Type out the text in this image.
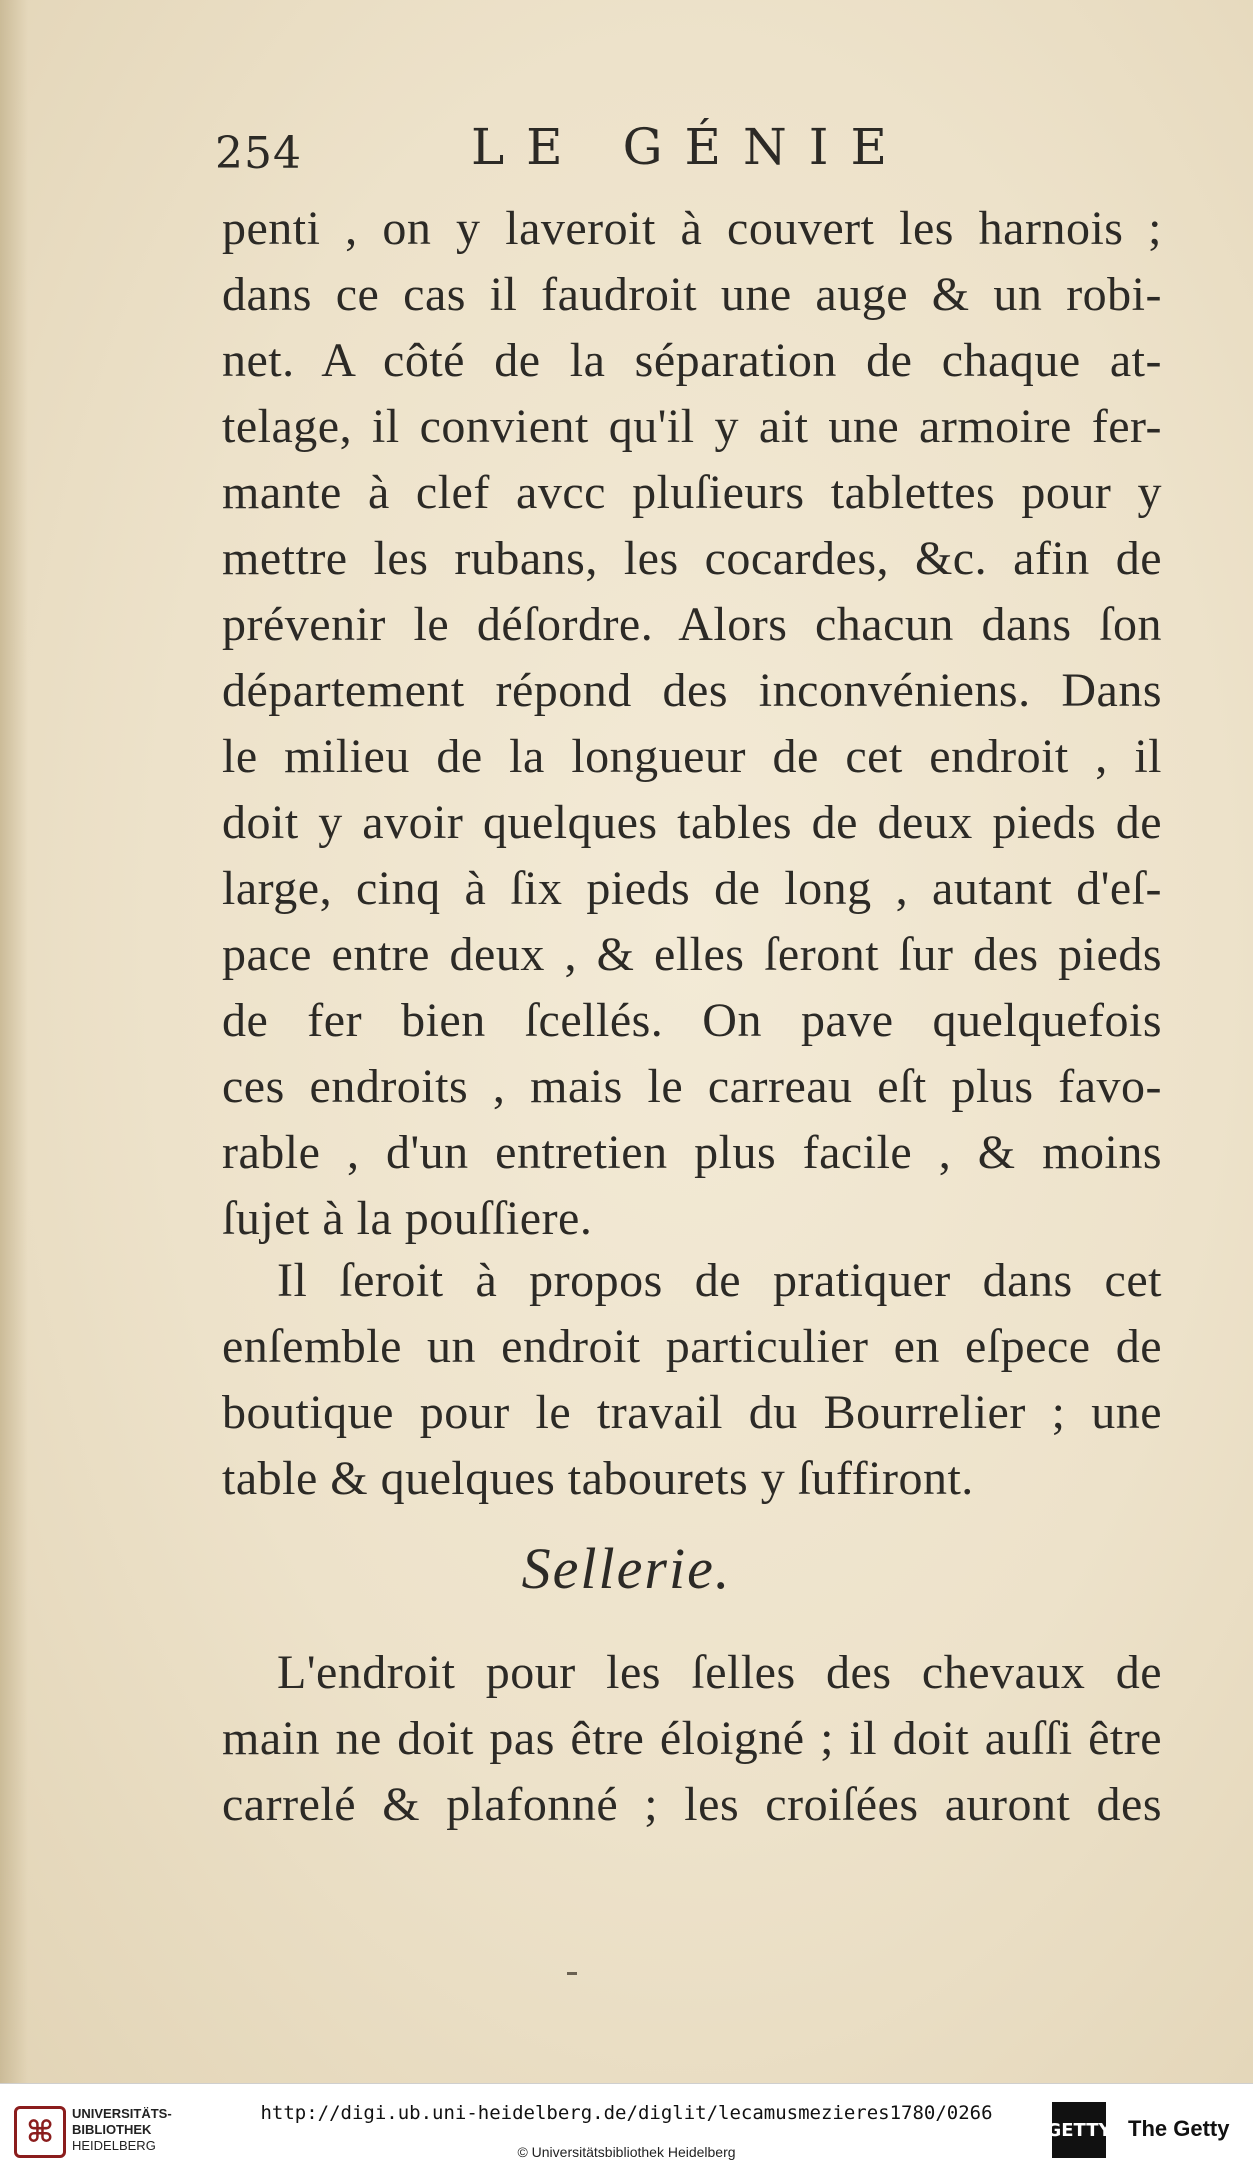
254	LE GÉNIE
penti , on y laveroit à couvert les harnois ;
dans ce cas il faudroit une auge & un robi-
net. A côté de la séparation de chaque at-
telage, il convient qu'il y ait une armoire fer-
mante à clef avcc pluſieurs tablettes pour y
mettre les rubans, les cocardes, &c. afin de
prévenir le déſordre. Alors chacun dans ſon
département répond des inconvéniens. Dans
le milieu de la longueur de cet endroit , il
doit y avoir quelques tables de deux pieds de
large, cinq à ſix pieds de long , autant d'eſ-
pace entre deux , & elles ſeront ſur des pieds
de fer bien ſcellés. On pave quelquefois
ces endroits , mais le carreau eſt plus favo-
rable , d'un entretien plus facile , & moins
ſujet à la pouſſiere.
Il ſeroit à propos de pratiquer dans cet
enſemble un endroit particulier en eſpece de
boutique pour le travail du Bourrelier ; une
table & quelques tabourets y ſuffiront.
Sellerie.
L'endroit pour les ſelles des chevaux de
main ne doit pas être éloigné ; il doit auſſi être
carrelé & plafonné ; les croiſées auront des
⌘
UNIVERSITÄTS-
BIBLIOTHEK
HEIDELBERG
http://digi.ub.uni-heidelberg.de/diglit/lecamusmezieres1780/0266
© Universitätsbibliothek Heidelberg
GETTY The Getty
